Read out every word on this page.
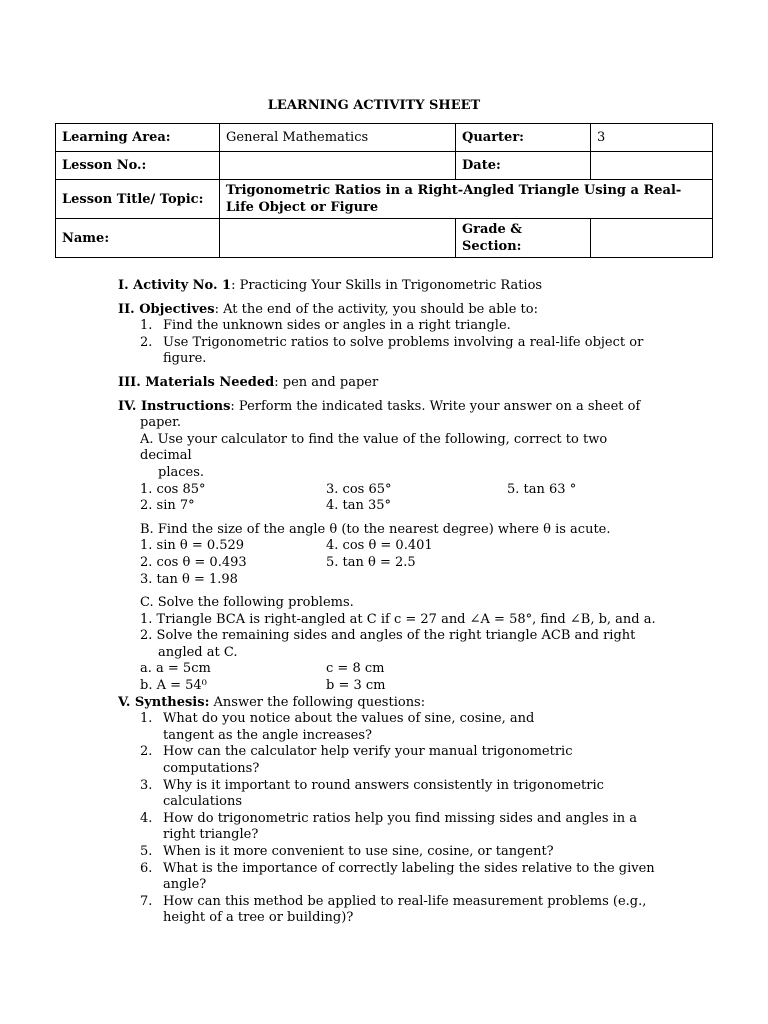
LEARNING ACTIVITY SHEET
Learning Area:	General Mathematics	Quarter:	3
Lesson No.:		Date:	
Lesson Title/ Topic:	Trigonometric Ratios in a Right-Angled Triangle Using a Real-Life Object or Figure		
Name:		Grade & Section:	

I. Activity No. 1: Practicing Your Skills in Trigonometric Ratios

II. Objectives: At the end of the activity, you should be able to:

1. Find the unknown sides or angles in a right triangle.
2. Use Trigonometric ratios to solve problems involving a real-life object or figure.

III. Materials Needed: pen and paper

IV. Instructions: Perform the indicated tasks. Write your answer on a sheet of paper.

A. Use your calculator to find the value of the following, correct to two decimal
places.
1. cos 85°	3. cos 65°	5. tan 63 °
2. sin 7°	4. tan 35°
B. Find the size of the angle θ (to the nearest degree) where θ is acute.
1. sin θ = 0.529	4. cos θ = 0.401
2. cos θ = 0.493	5. tan θ = 2.5
3. tan θ = 1.98
C. Solve the following problems.
1. Triangle BCA is right-angled at C if c = 27 and ∠A = 58°, find ∠B, b, and a.
2. Solve the remaining sides and angles of the right triangle ACB and right
angled at C.
a. a = 5cm	c = 8 cm
b. A = 54⁰	b = 3 cm

V. Synthesis: Answer the following questions:

1. What do you notice about the values of sine, cosine, and tangent as the angle increases?
2. How can the calculator help verify your manual trigonometric computations?
3. Why is it important to round answers consistently in trigonometric calculations
4. How do trigonometric ratios help you find missing sides and angles in a right triangle?
5. When is it more convenient to use sine, cosine, or tangent?
6. What is the importance of correctly labeling the sides relative to the given angle?
7. How can this method be applied to real-life measurement problems (e.g., height of a tree or building)?
